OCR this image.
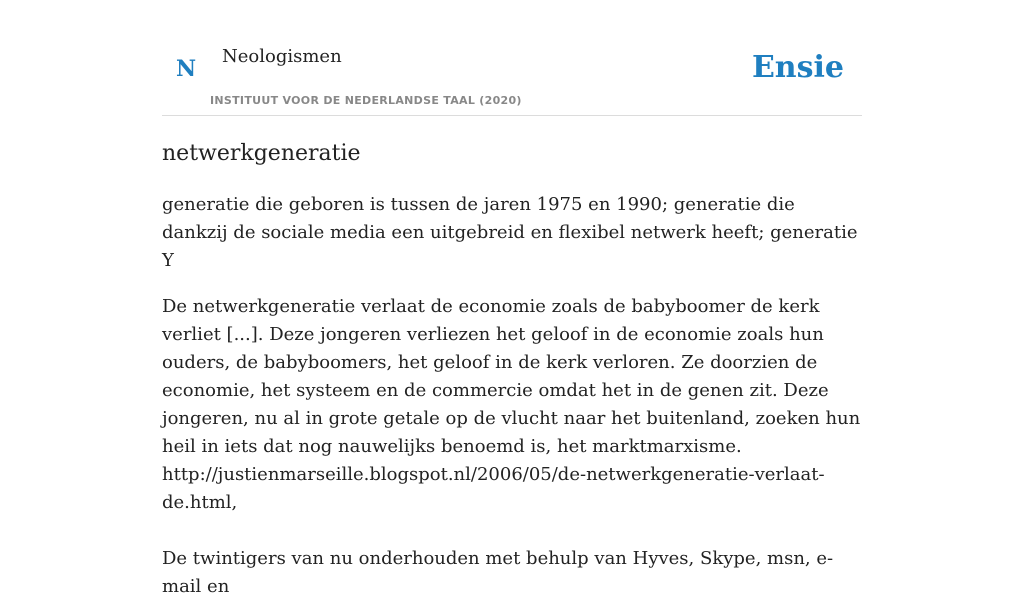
N Neologismen
INSTITUUT VOOR DE NEDERLANDSE TAAL (2020)
Ensie
netwerkgeneratie

generatie die geboren is tussen de jaren 1975 en 1990; generatie die dankzij de sociale media een uitgebreid en flexibel netwerk heeft; generatie Y

De netwerkgeneratie verlaat de economie zoals de babyboomer de kerk verliet [...]. Deze jongeren verliezen het geloof in de economie zoals hun ouders, de babyboomers, het geloof in de kerk verloren. Ze doorzien de economie, het systeem en de commercie omdat het in de genen zit. Deze jongeren, nu al in grote getale op de vlucht naar het buitenland, zoeken hun heil in iets dat nog nauwelijks benoemd is, het marktmarxisme.
http://justienmarseille.blogspot.nl/2006/05/de-netwerkgeneratie-verlaat-de.html,

De twintigers van nu onderhouden met behulp van Hyves, Skype, msn, e-mail en
